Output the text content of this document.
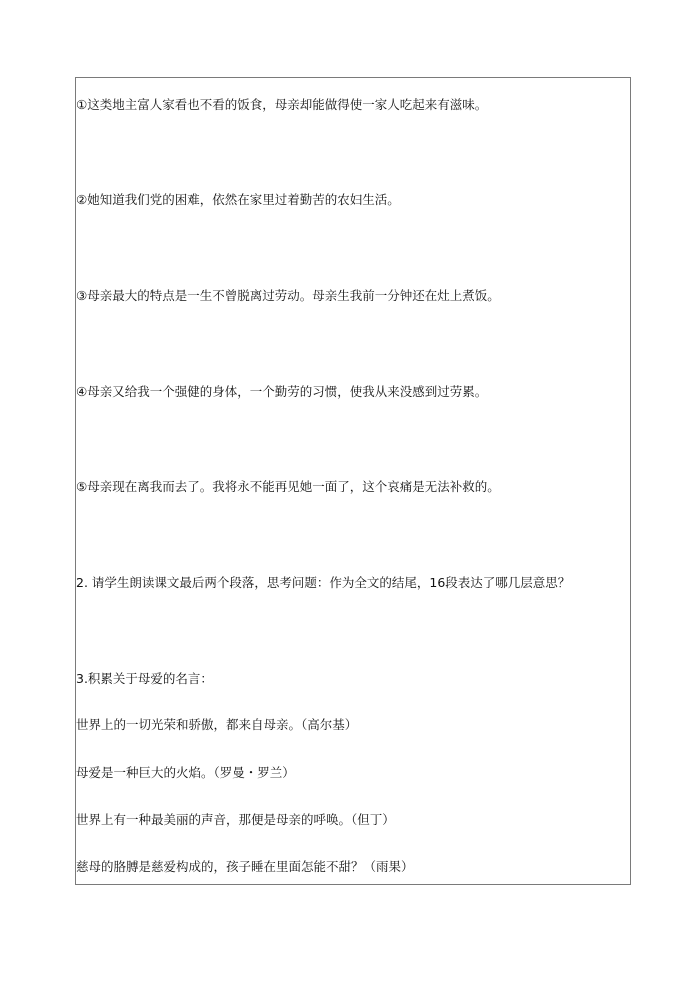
①这类地主富人家看也不看的饭食，母亲却能做得使一家人吃起来有滋味。
②她知道我们党的困难，依然在家里过着勤苦的农妇生活。
③母亲最大的特点是一生不曾脱离过劳动。母亲生我前一分钟还在灶上煮饭。
④母亲又给我一个强健的身体，一个勤劳的习惯，使我从来没感到过劳累。
⑤母亲现在离我而去了。我将永不能再见她一面了，这个哀痛是无法补救的。
2. 请学生朗读课文最后两个段落，思考问题：作为全文的结尾，16段表达了哪几层意思？
3.积累关于母爱的名言：
世界上的一切光荣和骄傲，都来自母亲。（高尔基）
母爱是一种巨大的火焰。（罗曼・罗兰）
世界上有一种最美丽的声音，那便是母亲的呼唤。（但丁）
慈母的胳膊是慈爱构成的，孩子睡在里面怎能不甜？（雨果）
